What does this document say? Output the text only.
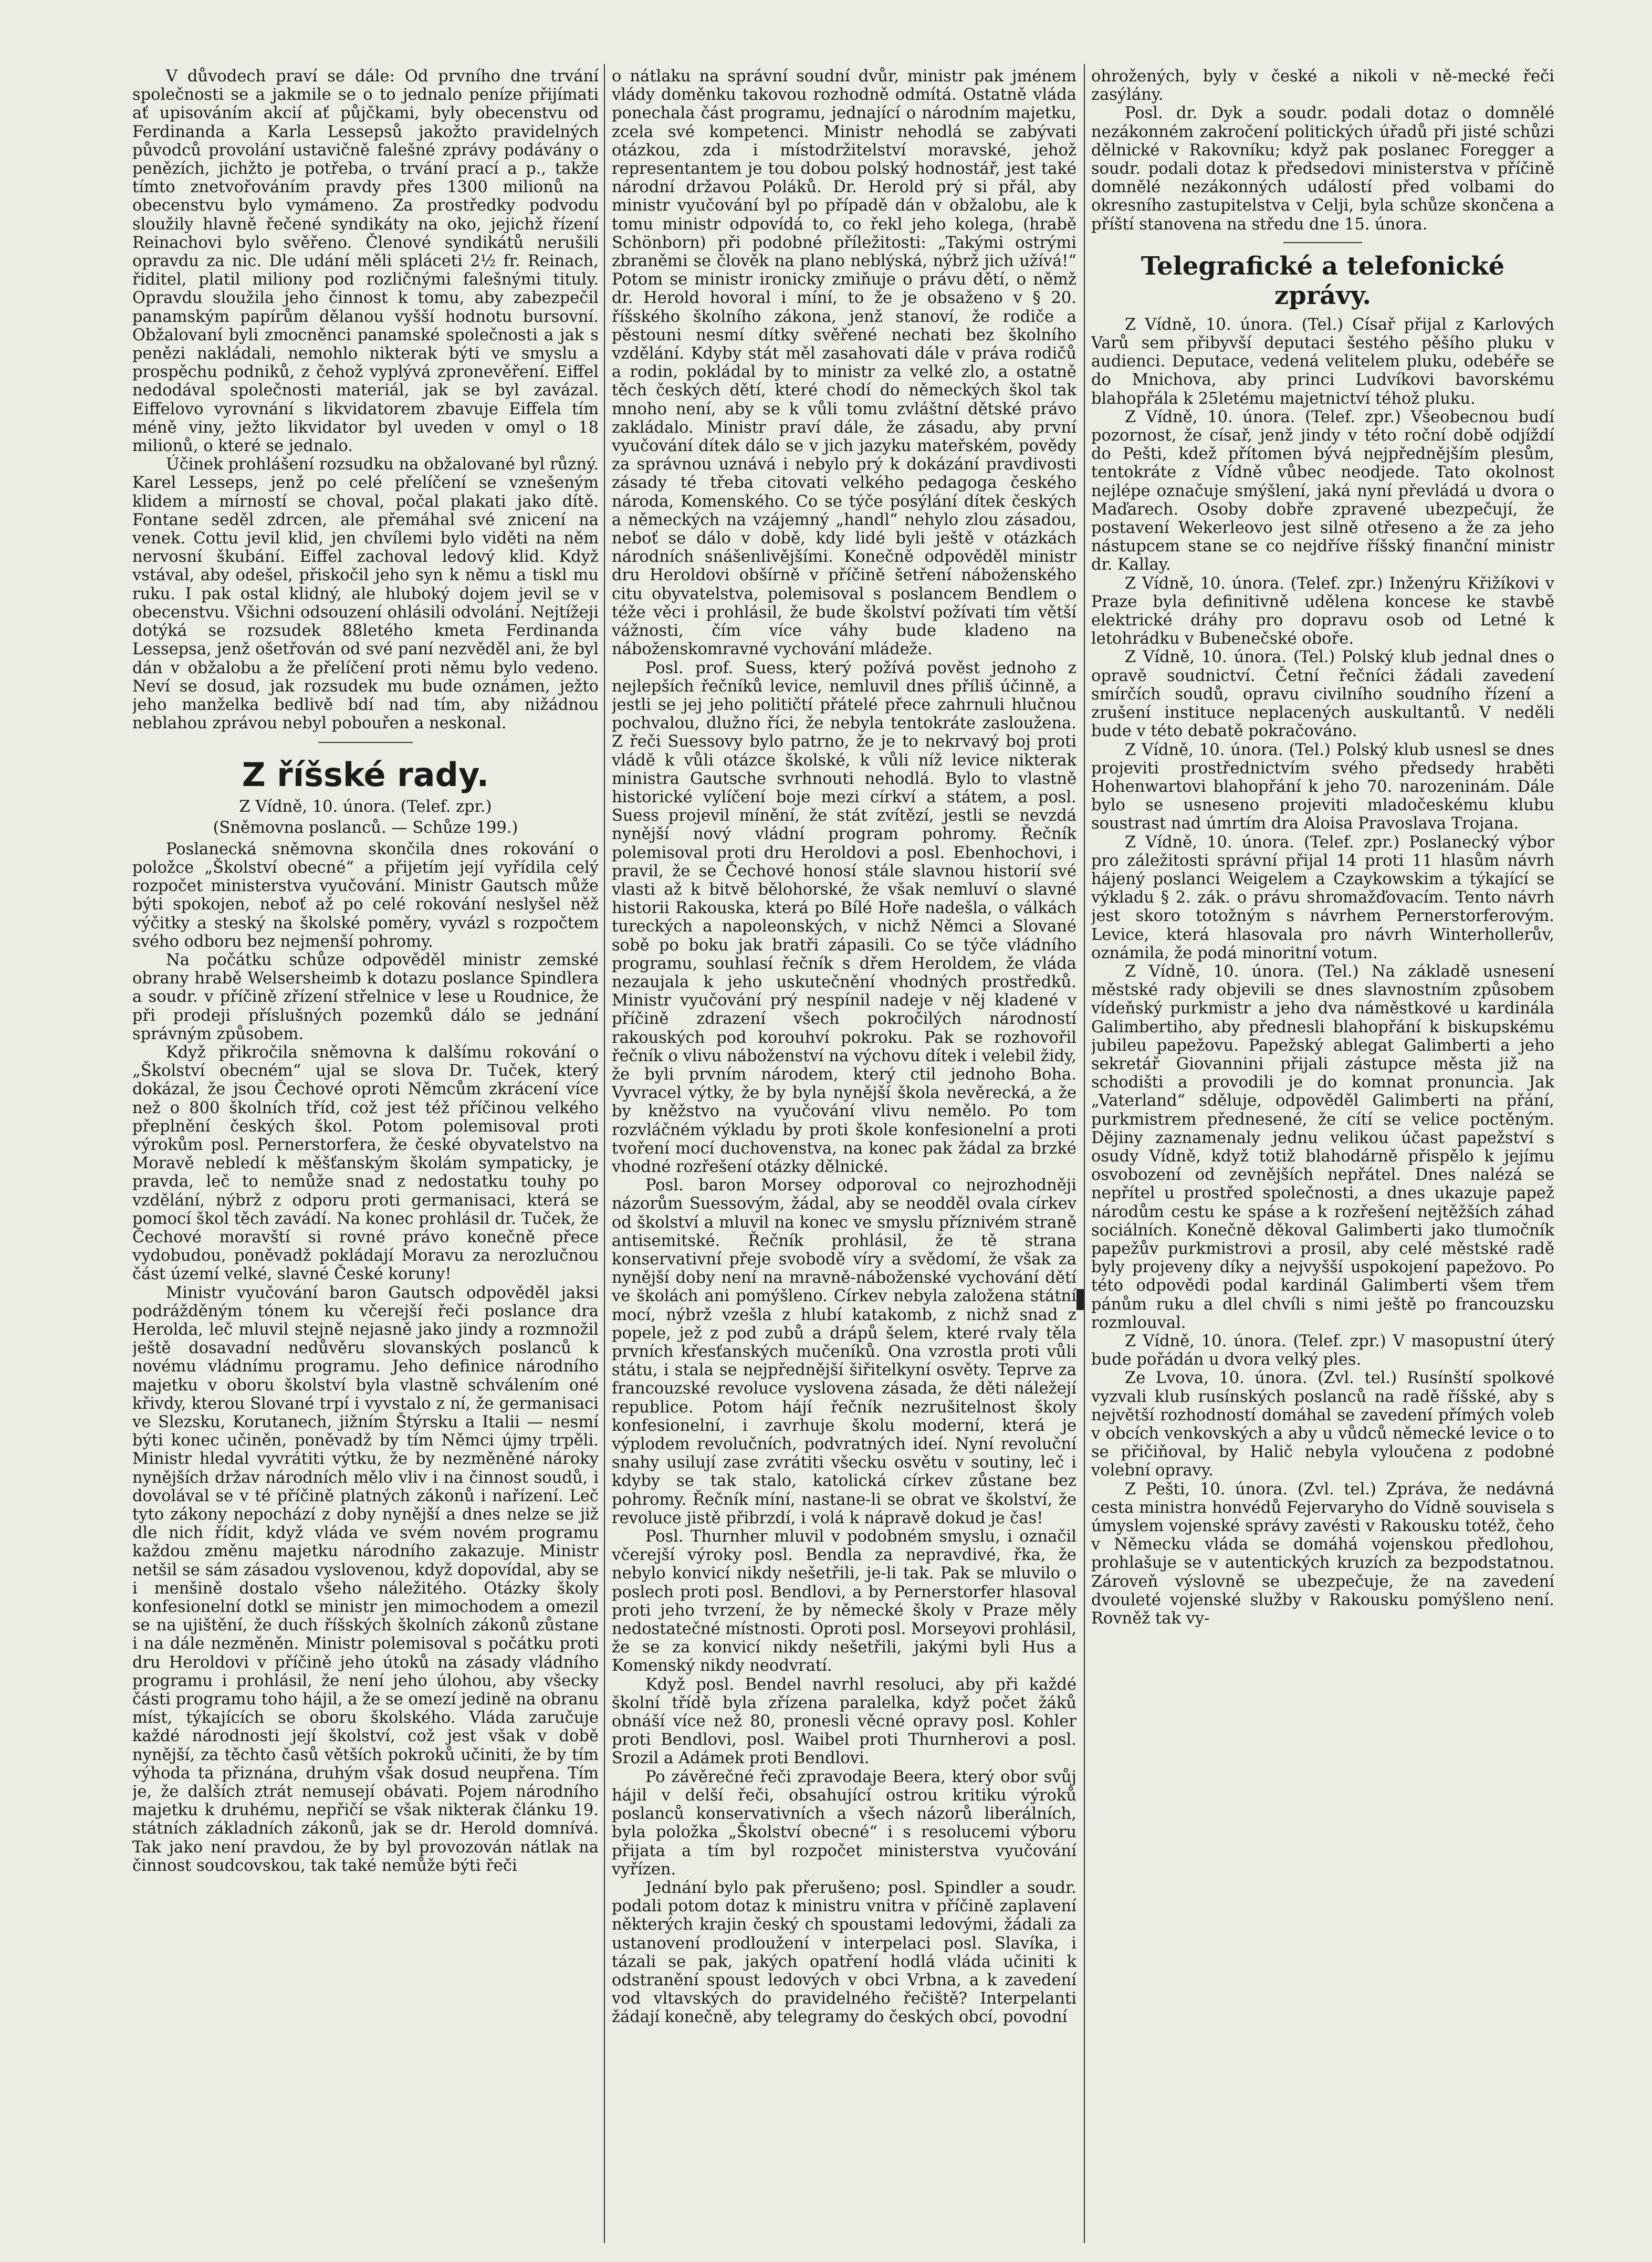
V důvodech praví se dále: Od prvního dne trvání společnosti se a jakmile se o to jednalo peníze přijímati ať upisováním akcií ať půjčkami, byly obecenstvu od Ferdinanda a Karla Lessepsů jakožto pravidelných původců provolání ustavičně falešné zprávy podávány o penězích, jichžto je potřeba, o trvání prací a p., takže tímto znetvořováním pravdy přes 1300 milionů na obecenstvu bylo vymámeno. Za prostředky podvodu sloužily hlavně řečené syndikáty na oko, jejichž řízení Reinachovi bylo svěřeno. Členové syndikátů nerušili opravdu za nic. Dle udání měli spláceti 2½ fr. Reinach, řiditel, platil miliony pod rozličnými falešnými tituly. Opravdu sloužila jeho činnost k tomu, aby zabezpečil panamským papírům dělanou vyšší hodnotu bursovní. Obžalovaní byli zmocněnci panamské společnosti a jak s penězi nakládali, nemohlo nikterak býti ve smyslu a prospěchu podniků, z čehož vyplývá zpronevěření. Eiffel nedodával společnosti materiál, jak se byl zavázal. Eiffelovo vyrovnání s likvidatorem zbavuje Eiffela tím méně viny, ježto likvidator byl uveden v omyl o 18 milionů, o které se jednalo.

Účinek prohlášení rozsudku na obžalované byl různý. Karel Lesseps, jenž po celé přelíčení se vznešeným klidem a mírností se choval, počal plakati jako dítě. Fontane seděl zdrcen, ale přemáhal své znicení na venek. Cottu jevil klid, jen chvílemi bylo viděti na něm nervosní škubání. Eiffel zachoval ledový klid. Když vstával, aby odešel, přiskočil jeho syn k němu a tiskl mu ruku. I pak ostal klidný, ale hluboký dojem jevil se v obecenstvu. Všichni odsouzení ohlásili odvolání. Nejtížeji dotýká se rozsudek 88letého kmeta Ferdinanda Lessepsa, jenž ošetřován od své paní nezvěděl ani, že byl dán v obžalobu a že přelíčení proti němu bylo vedeno. Neví se dosud, jak rozsudek mu bude oznámen, ježto jeho manželka bedlivě bdí nad tím, aby nižádnou neblahou zprávou nebyl pobouřen a neskonal.

Z říšské rady.
Z Vídně, 10. února. (Telef. zpr.)
(Sněmovna poslanců. — Schůze 199.)

Poslanecká sněmovna skončila dnes rokování o položce „Školství obecné“ a přijetím její vyřídila celý rozpočet ministerstva vyučování. Ministr Gautsch může býti spokojen, neboť až po celé rokování neslyšel něž výčitky a steský na školské poměry, vyvázl s rozpočtem svého odboru bez nejmenší pohromy.

Na počátku schůze odpověděl ministr zemské obrany hrabě Welsersheimb k dotazu poslance Spindlera a soudr. v příčině zřízení střelnice v lese u Roudnice, že při prodeji příslušných pozemků dálo se jednání správným způsobem.

Když přikročila sněmovna k dalšímu rokování o „Školství obecném“ ujal se slova Dr. Tuček, který dokázal, že jsou Čechové oproti Němcům zkrácení více než o 800 školních tříd, což jest též příčinou velkého přeplnění českých škol. Potom polemisoval proti výrokům posl. Pernerstorfera, že české obyvatelstvo na Moravě nebledí k měšťanským školám sympaticky, je pravda, leč to nemůže snad z nedostatku touhy po vzdělání, nýbrž z odporu proti germanisaci, která se pomocí škol těch zavádí. Na konec prohlásil dr. Tuček, že Čechové moravští si rovné právo konečně přece vydobudou, poněvadž pokládají Moravu za nerozlučnou část území velké, slavné České koruny!

Ministr vyučování baron Gautsch odpověděl jaksi podrážděným tónem ku včerejší řeči poslance dra Herolda, leč mluvil stejně nejasně jako jindy a rozmnožil ještě dosavadní nedůvěru slovanských poslanců k novému vládnímu programu. Jeho definice národního majetku v oboru školství byla vlastně schválením oné křivdy, kterou Slované trpí i vyvstalo z ní, že germanisaci ve Slezsku, Korutanech, jižním Štýrsku a Italii — nesmí býti konec učiněn, poněvadž by tím Němci újmy trpěli. Ministr hledal vyvrátiti výtku, že by nezměněné nároky nynějších držav národních mělo vliv i na činnost soudů, i dovolával se v té příčině platných zákonů i nařízení. Leč tyto zákony nepochází z doby nynější a dnes nelze se již dle nich řídit, když vláda ve svém novém programu každou změnu majetku národního zakazuje. Ministr netšil se sám zásadou vyslovenou, když dopovídal, aby se i menšině dostalo všeho náležitého. Otázky školy konfesionelní dotkl se ministr jen mimochodem a omezil se na ujištění, že duch říšských školních zákonů zůstane i na dále nezměněn. Ministr polemisoval s počátku proti dru Heroldovi v příčině jeho útoků na zásady vládního programu i prohlásil, že není jeho úlohou, aby všecky části programu toho hájil, a že se omezí jedině na obranu míst, týkajících se oboru školského. Vláda zaručuje každé národnosti její školství, což jest však v době nynější, za těchto časů větších pokroků učiniti, že by tím výhoda ta přiznána, druhým však dosud neupřena. Tím je, že dalších ztrát nemusejí obávati. Pojem národního majetku k druhému, nepřičí se však nikterak článku 19. státních základních zákonů, jak se dr. Herold domnívá. Tak jako není pravdou, že by byl provozován nátlak na činnost soudcovskou, tak také nemůže býti řeči

o nátlaku na správní soudní dvůr, ministr pak jménem vlády doměnku takovou rozhodně odmítá. Ostatně vláda ponechala část programu, jednající o národním majetku, zcela své kompetenci. Ministr nehodlá se zabývati otázkou, zda i místodržitelství moravské, jehož representantem je tou dobou polský hodnostář, jest také národní državou Poláků. Dr. Herold prý si přál, aby ministr vyučování byl po případě dán v obžalobu, ale k tomu ministr odpovídá to, co řekl jeho kolega, (hrabě Schönborn) při podobné příležitosti: „Takými ostrými zbraněmi se člověk na plano neblýská, nýbrž jich užívá!“ Potom se ministr ironicky zmiňuje o právu dětí, o němž dr. Herold hovoral i míní, to že je obsaženo v § 20. říšského školního zákona, jenž stanoví, že rodiče a pěstouni nesmí dítky svěřené nechati bez školního vzdělání. Kdyby stát měl zasahovati dále v práva rodičů a rodin, pokládal by to ministr za velké zlo, a ostatně těch českých dětí, které chodí do německých škol tak mnoho není, aby se k vůli tomu zvláštní dětské právo zakládalo. Ministr praví dále, že zásadu, aby první vyučování dítek dálo se v jich jazyku mateřském, povědy za správnou uznává i nebylo prý k dokázání pravdivosti zásady té třeba citovati velkého pedagoga českého národa, Komenského. Co se týče posýlání dítek českých a německých na vzájemný „handl“ nehylo zlou zásadou, neboť se dálo v době, kdy lidé byli ještě v otázkách národních snášenlivějšími. Konečně odpověděl ministr dru Heroldovi obšírně v příčině šetření náboženského citu obyvatelstva, polemisoval s poslancem Bendlem o téže věci i prohlásil, že bude školství požívati tím větší vážnosti, čím více váhy bude kladeno na náboženskomravné vychování mládeže.

Posl. prof. Suess, který požívá pověst jednoho z nejlepších řečníků levice, nemluvil dnes příliš účinně, a jestli se jej jeho političtí přátelé přece zahrnuli hlučnou pochvalou, dlužno říci, že nebyla tentokráte zasloužena. Z řeči Suessovy bylo patrno, že je to nekrvavý boj proti vládě k vůli otázce školské, k vůli níž levice nikterak ministra Gautsche svrhnouti nehodlá. Bylo to vlastně historické vylíčení boje mezi církví a státem, a posl. Suess projevil mínění, že stát zvítězí, jestli se nevzdá nynější nový vládní program pohromy. Řečník polemisoval proti dru Heroldovi a posl. Ebenhochovi, i pravil, že se Čechové honosí stále slavnou historií své vlasti až k bitvě bělohorské, že však nemluví o slavné historii Rakouska, která po Bílé Hoře nadešla, o válkách tureckých a napoleonských, v nichž Němci a Slované sobě po boku jak bratři zápasili. Co se týče vládního programu, souhlasí řečník s dřem Heroldem, že vláda nezaujala k jeho uskutečnění vhodných prostředků. Ministr vyučování prý nespínil nadeje v něj kladené v příčině zdrazení všech pokročilých národností rakouských pod korouhví pokroku. Pak se rozhovořil řečník o vlivu náboženství na výchovu dítek i velebil židy, že byli prvním národem, který ctil jednoho Boha. Vyvracel výtky, že by byla nynější škola nevěrecká, a že by kněžstvo na vyučování vlivu nemělo. Po tom rozvláčném výkladu by proti škole konfesionelní a proti tvoření mocí duchovenstva, na konec pak žádal za brzké vhodné rozřešení otázky dělnické.

Posl. baron Morsey odporoval co nejrozhodněji názorům Suessovým, žádal, aby se neodděl ovala církev od školství a mluvil na konec ve smyslu příznivém straně antisemitské. Řečník prohlásil, že tě strana konservativní přeje svobodě víry a svědomí, že však za nynější doby není na mravně-náboženské vychování dětí ve školách ani pomýšleno. Církev nebyla založena státní mocí, nýbrž vzešla z hlubí katakomb, z nichž snad z popele, jež z pod zubů a drápů šelem, které rvaly těla prvních křesťanských mučeníků. Ona vzrostla proti vůli státu, i stala se nejpřednější šiřitelkyní osvěty. Teprve za francouzské revoluce vyslovena zásada, že děti náležejí republice. Potom hájí řečník nezrušitelnost školy konfesionelní, i zavrhuje školu moderní, která je výplodem revolučních, podvratných ideí. Nyní revoluční snahy usilují zase zvrátiti všecku osvětu v soutiny, leč i kdyby se tak stalo, katolická církev zůstane bez pohromy. Řečník míní, nastane-li se obrat ve školství, že revoluce jistě přibrzdí, i volá k nápravě dokud je čas!

Posl. Thurnher mluvil v podobném smyslu, i označil včerejší výroky posl. Bendla za nepravdivé, řka, že nebylo konvicí nikdy nešetřili, je-li tak. Pak se mluvilo o poslech proti posl. Bendlovi, a by Pernerstorfer hlasoval proti jeho tvrzení, že by německé školy v Praze měly nedostatečné místnosti. Oproti posl. Morseyovi prohlásil, že se za konvicí nikdy nešetřili, jakými byli Hus a Komenský nikdy neodvratí.

Když posl. Bendel navrhl resoluci, aby při každé školní třídě byla zřízena paralelka, když počet žáků obnáší více než 80, pronesli věcné opravy posl. Kohler proti Bendlovi, posl. Waibel proti Thurnherovi a posl. Srozil a Adámek proti Bendlovi.

Po závěrečné řeči zpravodaje Beera, který obor svůj hájil v delší řeči, obsahující ostrou kritiku výroků poslanců konservativních a všech názorů liberálních, byla položka „Školství obecné“ i s resolucemi výboru přijata a tím byl rozpočet ministerstva vyučování vyřízen.

Jednání bylo pak přerušeno; posl. Spindler a soudr. podali potom dotaz k ministru vnitra v příčině zaplavení některých krajin český ch spoustami ledovými, žádali za ustanovení prodloužení v interpelaci posl. Slavíka, i tázali se pak, jakých opatření hodlá vláda učiniti k odstranění spoust ledových v obci Vrbna, a k zavedení vod vltavských do pravidelného řečiště? Interpelanti žádají konečně, aby telegramy do českých obcí, povodní

ohrožených, byly v české a nikoli v ně-mecké řeči zasýlány.

Posl. dr. Dyk a soudr. podali dotaz o domnělé nezákonném zakročení politických úřadů při jisté schůzi dělnické v Rakovníku; když pak poslanec Foregger a soudr. podali dotaz k předsedovi ministerstva v příčině domnělé nezákonných událostí před volbami do okresního zastupitelstva v Celji, byla schůze skončena a příští stanovena na středu dne 15. února.

Telegrafické a telefonické zprávy.

Z Vídně, 10. února. (Tel.) Císař přijal z Karlových Varů sem přibyvší deputaci šestého pěšího pluku v audienci. Deputace, vedená velitelem pluku, odebéře se do Mnichova, aby princi Ludvíkovi bavorskému blahopřála k 25letému majetnictví téhož pluku.

Z Vídně, 10. února. (Telef. zpr.) Všeobecnou budí pozornost, že císař, jenž jindy v této roční době odjíždí do Pešti, kdež přítomen bývá nejpřednějším plesům, tentokráte z Vídně vůbec neodjede. Tato okolnost nejlépe označuje smýšlení, jaká nyní převládá u dvora o Maďarech. Osoby dobře zpravené ubezpečují, že postavení Wekerleovo jest silně otřeseno a že za jeho nástupcem stane se co nejdříve říšský finanční ministr dr. Kallay.

Z Vídně, 10. února. (Telef. zpr.) Inženýru Křižíkovi v Praze byla definitivně udělena koncese ke stavbě elektrické dráhy pro dopravu osob od Letné k letohrádku v Bubenečské oboře.

Z Vídně, 10. února. (Tel.) Polský klub jednal dnes o opravě soudnictví. Četní řečníci žádali zavedení smírčích soudů, opravu civilního soudního řízení a zrušení instituce neplacených auskultantů. V neděli bude v této debatě pokračováno.

Z Vídně, 10. února. (Tel.) Polský klub usnesl se dnes projeviti prostřednictvím svého předsedy hraběti Hohenwartovi blahopřání k jeho 70. narozeninám. Dále bylo se usneseno projeviti mladočeskému klubu soustrast nad úmrtím dra Aloisa Pravoslava Trojana.

Z Vídně, 10. února. (Telef. zpr.) Poslanecký výbor pro záležitosti správní přijal 14 proti 11 hlasům návrh hájený poslanci Weigelem a Czaykowskim a týkající se výkladu § 2. zák. o právu shromažďovacím. Tento návrh jest skoro totožným s návrhem Pernerstorferovým. Levice, která hlasovala pro návrh Winterhollerův, oznámila, že podá minoritní votum.

Z Vídně, 10. února. (Tel.) Na základě usnesení městské rady objevili se dnes slavnostním způsobem vídeňský purkmistr a jeho dva náměstkové u kardinála Galimbertiho, aby přednesli blahopřání k biskupskému jubileu papežovu. Papežský ablegat Galimberti a jeho sekretář Giovannini přijali zástupce města již na schodišti a provodili je do komnat pronuncia. Jak „Vaterland“ sděluje, odpověděl Galimberti na přání, purkmistrem přednesené, že cítí se velice poctěným. Dějiny zaznamenaly jednu velikou účast papežství s osudy Vídně, když totiž blahodárně přispělo k jejímu osvobození od zevnějších nepřátel. Dnes nalézá se nepřítel u prostřed společnosti, a dnes ukazuje papež národům cestu ke spáse a k rozřešení nejtěžších záhad sociálních. Konečně děkoval Galimberti jako tlumočník papežův purkmistrovi a prosil, aby celé městské radě byly projeveny díky a nejvyšší uspokojení papežovo. Po této odpovědi podal kardinál Galimberti všem třem pánům ruku a dlel chvíli s nimi ještě po francouzsku rozmlouval.

Z Vídně, 10. února. (Telef. zpr.) V masopustní úterý bude pořádán u dvora velký ples.

Ze Lvova, 10. února. (Zvl. tel.) Rusínští spolkové vyzvali klub rusínských poslanců na radě říšské, aby s největší rozhodností domáhal se zavedení přímých voleb v obcích venkovských a aby u vůdců německé levice o to se přičiňoval, by Halič nebyla vyloučena z podobné volební opravy.

Z Pešti, 10. února. (Zvl. tel.) Zpráva, že nedávná cesta ministra honvédů Fejervaryho do Vídně souvisela s úmyslem vojenské správy zavésti v Rakousku totéž, čeho v Německu vláda se domáhá vojenskou předlohou, prohlašuje se v autentických kruzích za bezpodstatnou. Zároveň výslovně se ubezpečuje, že na zavedení dvouleté vojenské služby v Rakousku pomýšleno není. Rovněž tak vy-
